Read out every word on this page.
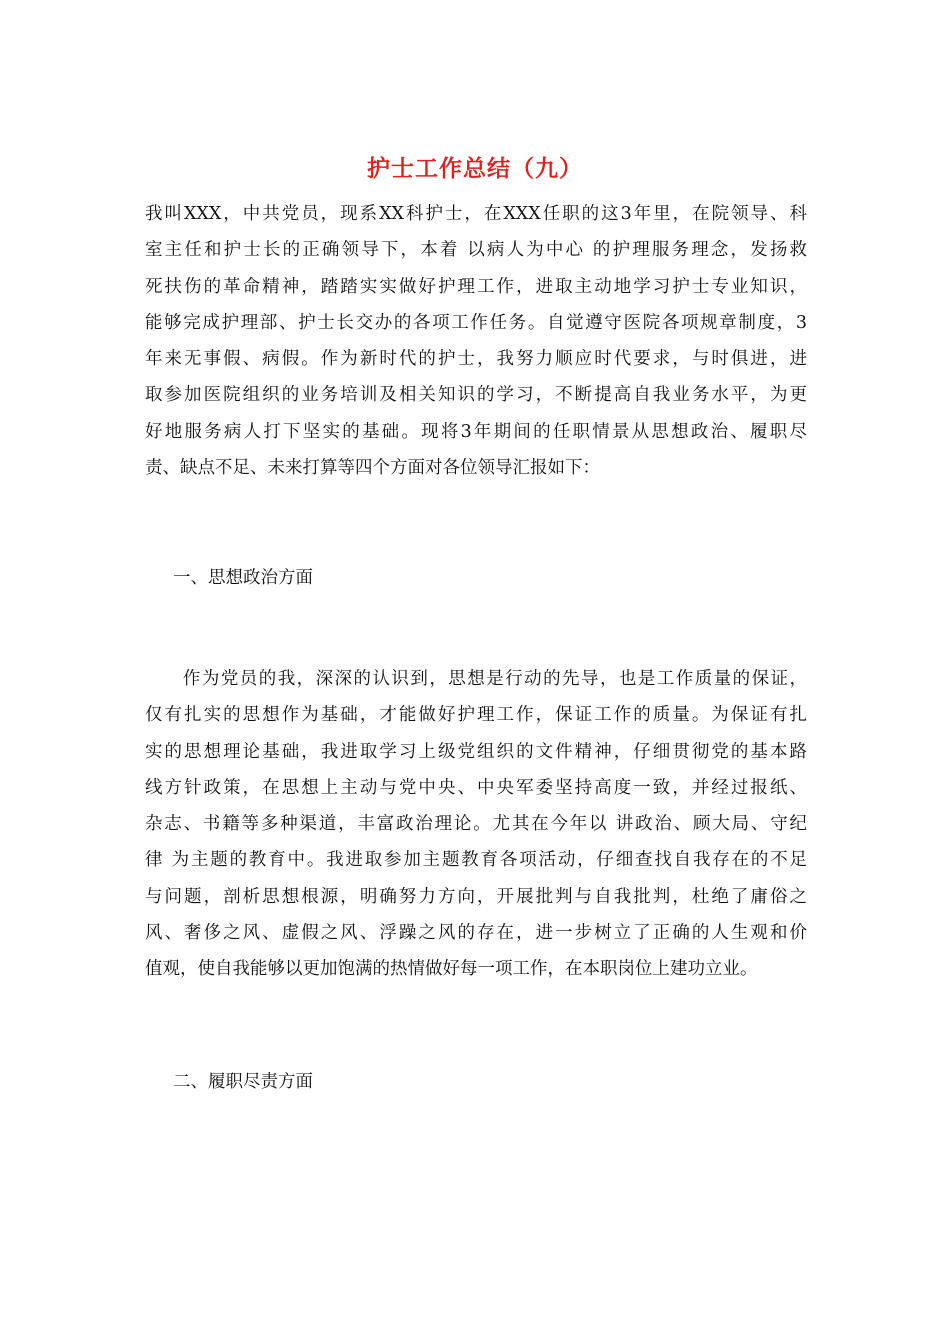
护士工作总结（九）
我叫XXX，中共党员，现系XX科护士，在XXX任职的这3年里，在院领导、科
室主任和护士长的正确领导下，本着 以病人为中心 的护理服务理念，发扬救
死扶伤的革命精神，踏踏实实做好护理工作，进取主动地学习护士专业知识，
能够完成护理部、护士长交办的各项工作任务。自觉遵守医院各项规章制度，3
年来无事假、病假。作为新时代的护士，我努力顺应时代要求，与时俱进，进
取参加医院组织的业务培训及相关知识的学习，不断提高自我业务水平，为更
好地服务病人打下坚实的基础。现将3年期间的任职情景从思想政治、履职尽
责、缺点不足、未来打算等四个方面对各位领导汇报如下：
一、思想政治方面
　　作为党员的我，深深的认识到，思想是行动的先导，也是工作质量的保证，
仅有扎实的思想作为基础，才能做好护理工作，保证工作的质量。为保证有扎
实的思想理论基础，我进取学习上级党组织的文件精神，仔细贯彻党的基本路
线方针政策，在思想上主动与党中央、中央军委坚持高度一致，并经过报纸、
杂志、书籍等多种渠道，丰富政治理论。尤其在今年以 讲政治、顾大局、守纪
律 为主题的教育中。我进取参加主题教育各项活动，仔细查找自我存在的不足
与问题，剖析思想根源，明确努力方向，开展批判与自我批判，杜绝了庸俗之
风、奢侈之风、虚假之风、浮躁之风的存在，进一步树立了正确的人生观和价
值观，使自我能够以更加饱满的热情做好每一项工作，在本职岗位上建功立业。
二、履职尽责方面
